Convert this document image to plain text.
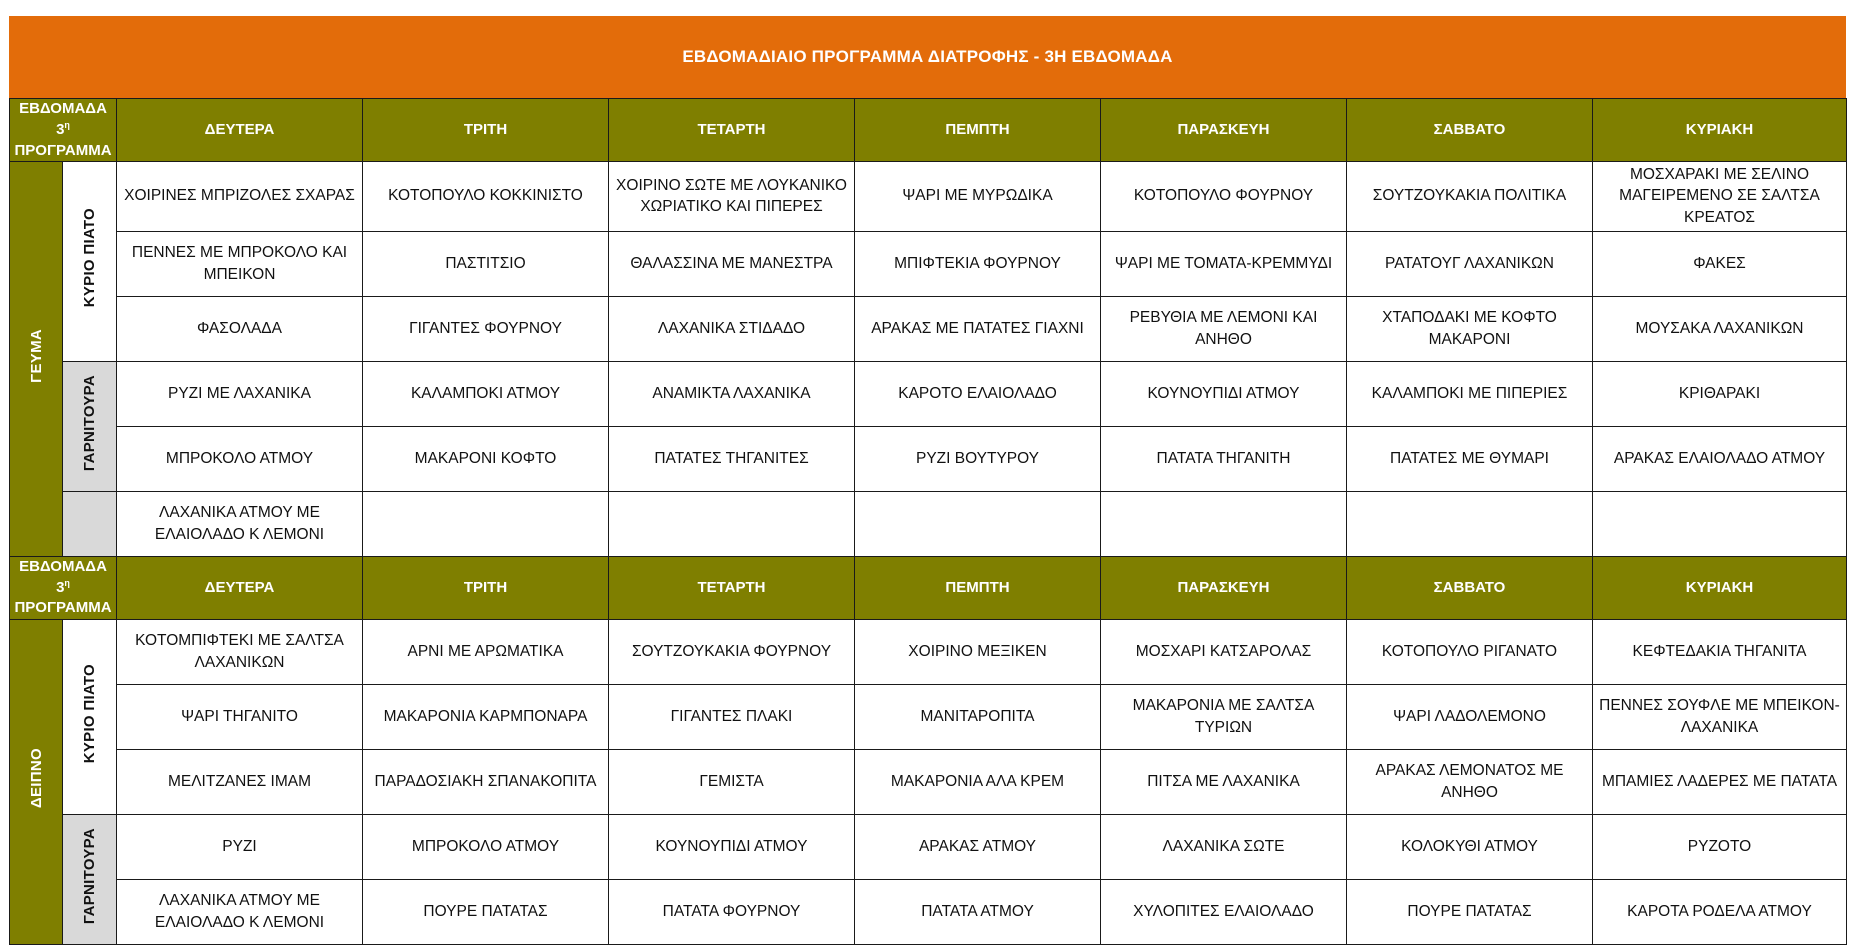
ΕΒΔΟΜΑΔΙΑΙΟ ΠΡΟΓΡΑΜΜΑ ΔΙΑΤΡΟΦΗΣ - 3Η ΕΒΔΟΜΑΔΑ
ΕΒΔΟΜΑΔΑ $3^\eta$
ΠΡΟΓΡΑΜΜΑ		ΔΕΥΤΕΡΑ	ΤΡΙΤΗ	ΤΕΤΑΡΤΗ	ΠΕΜΠΤΗ	ΠΑΡΑΣΚΕΥΗ	ΣΑΒΒΑΤΟ	ΚΥΡΙΑΚΗ
ΓΕΥΜΑ	ΚΥΡΙΟ ΠΙΑΤΟ	ΧΟΙΡΙΝΕΣ ΜΠΡΙΖΟΛΕΣ ΣΧΑΡΑΣ	ΚΟΤΟΠΟΥΛΟ ΚΟΚΚΙΝΙΣΤΟ	ΧΟΙΡΙΝΟ ΣΩΤΕ ΜΕ ΛΟΥΚΑΝΙΚΟ ΧΩΡΙΑΤΙΚΟ ΚΑΙ ΠΙΠΕΡΕΣ	ΨΑΡΙ ΜΕ ΜΥΡΩΔΙΚΑ	ΚΟΤΟΠΟΥΛΟ ΦΟΥΡΝΟΥ	ΣΟΥΤΖΟΥΚΑΚΙΑ ΠΟΛΙΤΙΚΑ	ΜΟΣΧΑΡΑΚΙ ΜΕ ΣΕΛΙΝΟ ΜΑΓΕΙΡΕΜΕΝΟ ΣΕ ΣΑΛΤΣΑ ΚΡΕΑΤΟΣ
		ΠΕΝΝΕΣ ΜΕ ΜΠΡΟΚΟΛΟ ΚΑΙ ΜΠΕΙΚΟΝ	ΠΑΣΤΙΤΣΙΟ	ΘΑΛΑΣΣΙΝΑ ΜΕ ΜΑΝΕΣΤΡΑ	ΜΠΙΦΤΕΚΙΑ ΦΟΥΡΝΟΥ	ΨΑΡΙ ΜΕ ΤΟΜΑΤΑ-ΚΡΕΜΜΥΔΙ	ΡΑΤΑΤΟΥΓ ΛΑΧΑΝΙΚΩΝ	ΦΑΚΕΣ
		ΦΑΣΟΛΑΔΑ	ΓΙΓΑΝΤΕΣ ΦΟΥΡΝΟΥ	ΛΑΧΑΝΙΚΑ ΣΤΙΔΑΔΟ	ΑΡΑΚΑΣ ΜΕ ΠΑΤΑΤΕΣ ΓΙΑΧΝΙ	ΡΕΒΥΘΙΑ ΜΕ ΛΕΜΟΝΙ ΚΑΙ ΑΝΗΘΟ	ΧΤΑΠΟΔΑΚΙ ΜΕ ΚΟΦΤΟ ΜΑΚΑΡΟΝΙ	ΜΟΥΣΑΚΑ ΛΑΧΑΝΙΚΩΝ
	ΓΑΡΝΙΤΟΥΡΑ	ΡΥΖΙ ΜΕ ΛΑΧΑΝΙΚΑ	ΚΑΛΑΜΠΟΚΙ ΑΤΜΟΥ	ΑΝΑΜΙΚΤΑ ΛΑΧΑΝΙΚΑ	ΚΑΡΟΤΟ ΕΛΑΙΟΛΑΔΟ	ΚΟΥΝΟΥΠΙΔΙ ΑΤΜΟΥ	ΚΑΛΑΜΠΟΚΙ ΜΕ ΠΙΠΕΡΙΕΣ	ΚΡΙΘΑΡΑΚΙ
		ΜΠΡΟΚΟΛΟ ΑΤΜΟΥ	ΜΑΚΑΡΟΝΙ ΚΟΦΤΟ	ΠΑΤΑΤΕΣ ΤΗΓΑΝΙΤΕΣ	ΡΥΖΙ ΒΟΥΤΥΡΟΥ	ΠΑΤΑΤΑ ΤΗΓΑΝΙΤΗ	ΠΑΤΑΤΕΣ ΜΕ ΘΥΜΑΡΙ	ΑΡΑΚΑΣ ΕΛΑΙΟΛΑΔΟ ΑΤΜΟΥ
		ΛΑΧΑΝΙΚΑ ΑΤΜΟΥ ΜΕ ΕΛΑΙΟΛΑΔΟ Κ ΛΕΜΟΝΙ						
ΕΒΔΟΜΑΔΑ $3^\eta$
ΠΡΟΓΡΑΜΜΑ		ΔΕΥΤΕΡΑ	ΤΡΙΤΗ	ΤΕΤΑΡΤΗ	ΠΕΜΠΤΗ	ΠΑΡΑΣΚΕΥΗ	ΣΑΒΒΑΤΟ	ΚΥΡΙΑΚΗ
ΔΕΙΠΝΟ	ΚΥΡΙΟ ΠΙΑΤΟ	ΚΟΤΟΜΠΙΦΤΕΚΙ ΜΕ ΣΑΛΤΣΑ ΛΑΧΑΝΙΚΩΝ	ΑΡΝΙ ΜΕ ΑΡΩΜΑΤΙΚΑ	ΣΟΥΤΖΟΥΚΑΚΙΑ ΦΟΥΡΝΟΥ	ΧΟΙΡΙΝΟ ΜΕΞΙΚΕΝ	ΜΟΣΧΑΡΙ ΚΑΤΣΑΡΟΛΑΣ	ΚΟΤΟΠΟΥΛΟ ΡΙΓΑΝΑΤΟ	ΚΕΦΤΕΔΑΚΙΑ ΤΗΓΑΝΙΤΑ
		ΨΑΡΙ ΤΗΓΑΝΙΤΟ	ΜΑΚΑΡΟΝΙΑ ΚΑΡΜΠΟΝΑΡΑ	ΓΙΓΑΝΤΕΣ ΠΛΑΚΙ	ΜΑΝΙΤΑΡΟΠΙΤΑ	ΜΑΚΑΡΟΝΙΑ ΜΕ ΣΑΛΤΣΑ ΤΥΡΙΩΝ	ΨΑΡΙ ΛΑΔΟΛΕΜΟΝΟ	ΠΕΝΝΕΣ ΣΟΥΦΛΕ ΜΕ ΜΠΕΙΚΟΝ-ΛΑΧΑΝΙΚΑ
		ΜΕΛΙΤΖΑΝΕΣ ΙΜΑΜ	ΠΑΡΑΔΟΣΙΑΚΗ ΣΠΑΝΑΚΟΠΙΤΑ	ΓΕΜΙΣΤΑ	ΜΑΚΑΡΟΝΙΑ ΑΛΑ ΚΡΕΜ	ΠΙΤΣΑ ΜΕ ΛΑΧΑΝΙΚΑ	ΑΡΑΚΑΣ ΛΕΜΟΝΑΤΟΣ ΜΕ ΑΝΗΘΟ	ΜΠΑΜΙΕΣ ΛΑΔΕΡΕΣ ΜΕ ΠΑΤΑΤΑ
	ΓΑΡΝΙΤΟΥΡΑ	ΡΥΖΙ	ΜΠΡΟΚΟΛΟ ΑΤΜΟΥ	ΚΟΥΝΟΥΠΙΔΙ ΑΤΜΟΥ	ΑΡΑΚΑΣ ΑΤΜΟΥ	ΛΑΧΑΝΙΚΑ ΣΩΤΕ	ΚΟΛΟΚΥΘΙ ΑΤΜΟΥ	ΡΥΖΟΤΟ
		ΛΑΧΑΝΙΚΑ ΑΤΜΟΥ ΜΕ ΕΛΑΙΟΛΑΔΟ Κ ΛΕΜΟΝΙ	ΠΟΥΡΕ ΠΑΤΑΤΑΣ	ΠΑΤΑΤΑ ΦΟΥΡΝΟΥ	ΠΑΤΑΤΑ ΑΤΜΟΥ	ΧΥΛΟΠΙΤΕΣ ΕΛΑΙΟΛΑΔΟ	ΠΟΥΡΕ ΠΑΤΑΤΑΣ	ΚΑΡΟΤΑ ΡΟΔΕΛΑ ΑΤΜΟΥ
